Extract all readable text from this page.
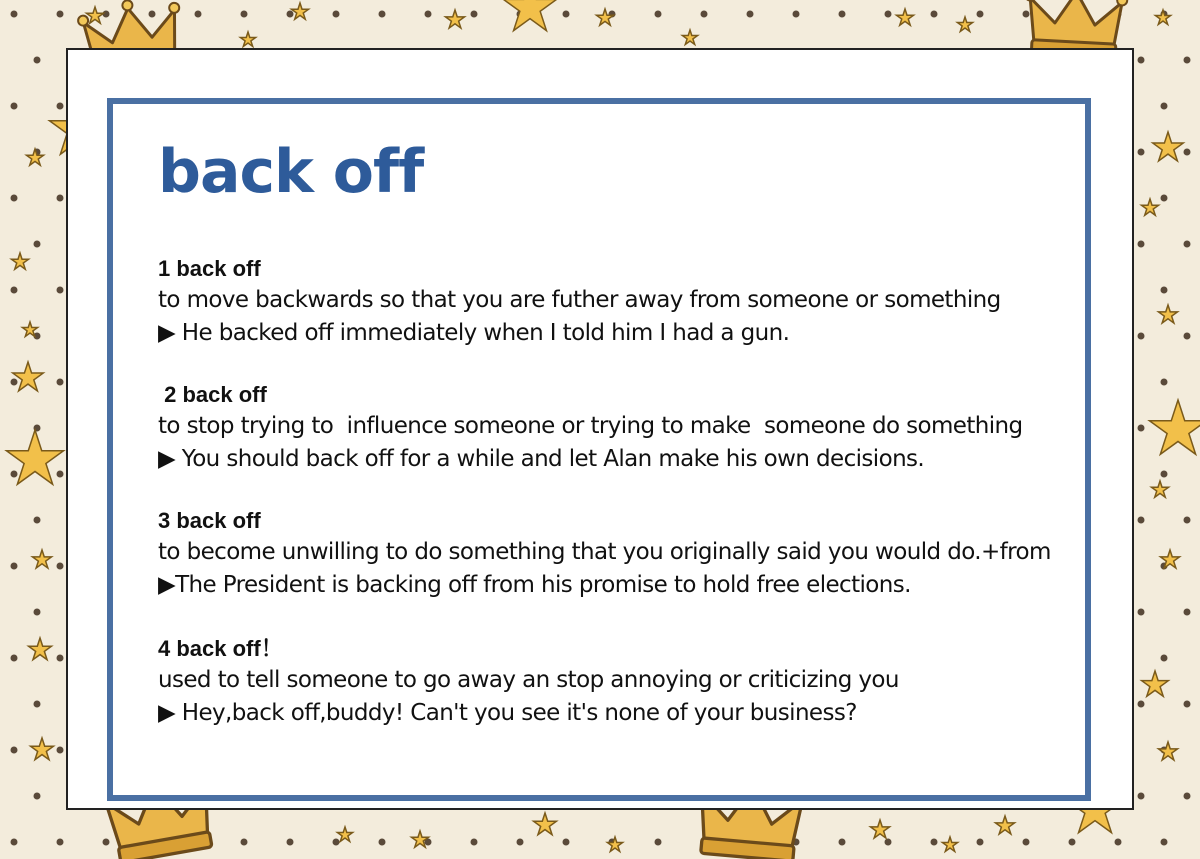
back off
1 back off
to move backwards so that you are futher away from someone or something
▶ He backed off immediately when I told him I had a gun.
2 back off
to stop trying to  influence someone or trying to make  someone do something
▶ You should back off for a while and let Alan make his own decisions.
3 back off
to become unwilling to do something that you originally said you would do.+from
▶The President is backing off from his promise to hold free elections.
4 back off！
used to tell someone to go away an stop annoying or criticizing you
▶ Hey,back off,buddy! Can't you see it's none of your business?
